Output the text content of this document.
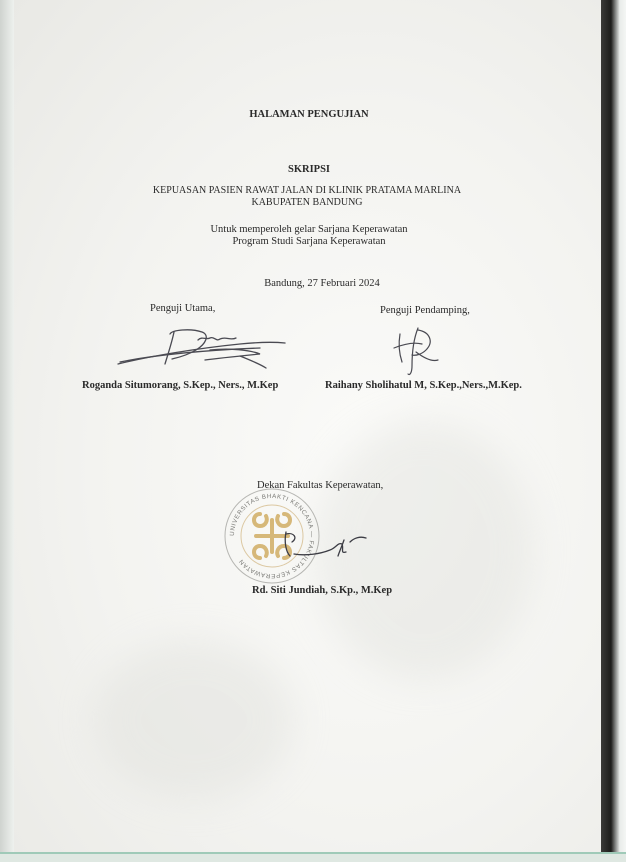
HALAMAN PENGUJIAN
SKRIPSI
KEPUASAN PASIEN RAWAT JALAN DI KLINIK PRATAMA MARLINA
KABUPATEN BANDUNG
Untuk memperoleh gelar Sarjana Keperawatan
Program Studi Sarjana Keperawatan
Bandung, 27 Februari 2024
Penguji Utama,	Penguji Pendamping,
Roganda Situmorang, S.Kep., Ners., M.Kep	Raihany Sholihatul M, S.Kep.,Ners.,M.Kep.
UNIVERSITAS BHAKTI KENCANA — FAKULTAS KEPERAWATAN
Dekan Fakultas Keperawatan,
Rd. Siti Jundiah, S.Kp., M.Kep
